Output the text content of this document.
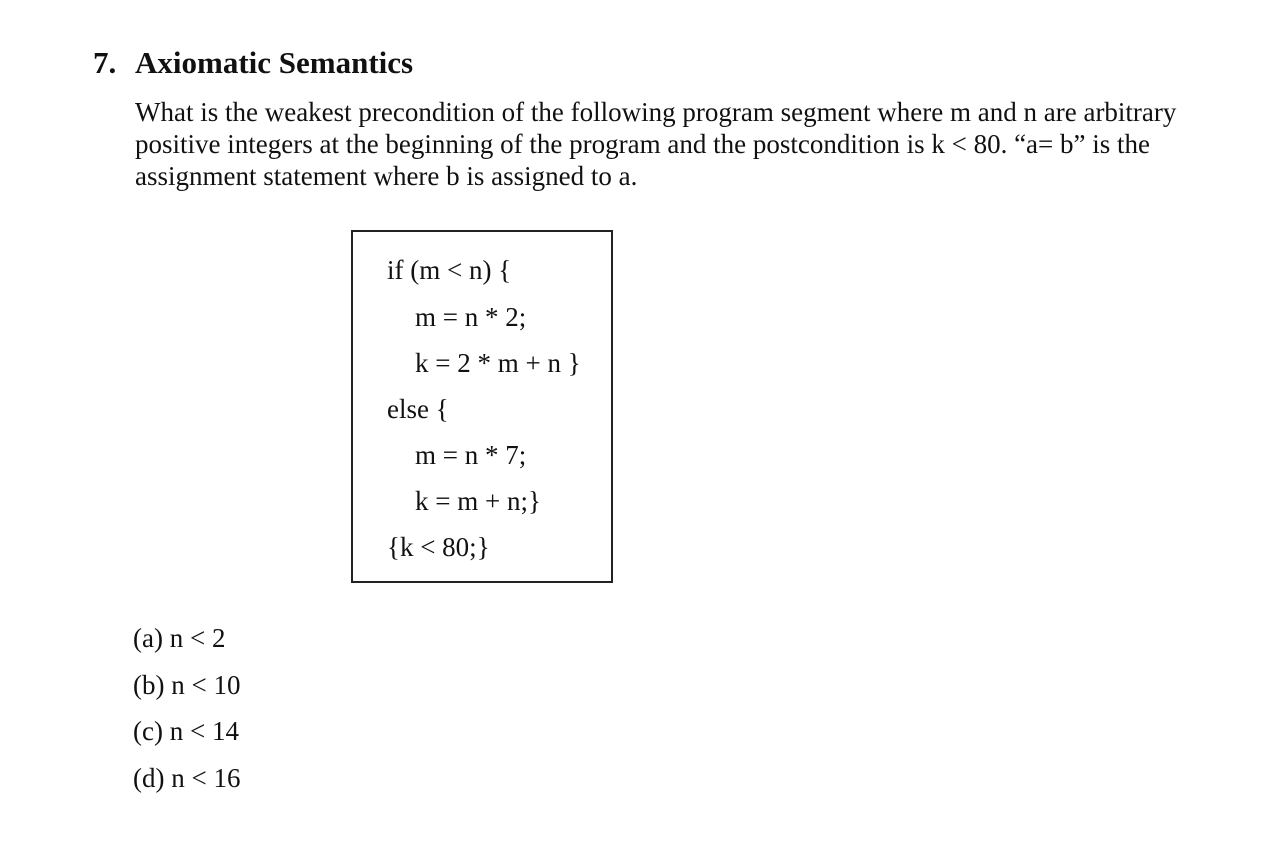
7. Axiomatic Semantics
What is the weakest precondition of the following program segment where m and n are arbitrary
positive integers at the beginning of the program and the postcondition is k < 80. “a= b” is the
assignment statement where b is assigned to a.
if (m < n) {
m = n * 2;
k = 2 * m + n }
else {
m = n * 7;
k = m + n;}
{k < 80;}
(a) n < 2
(b) n < 10
(c) n < 14
(d) n < 16
